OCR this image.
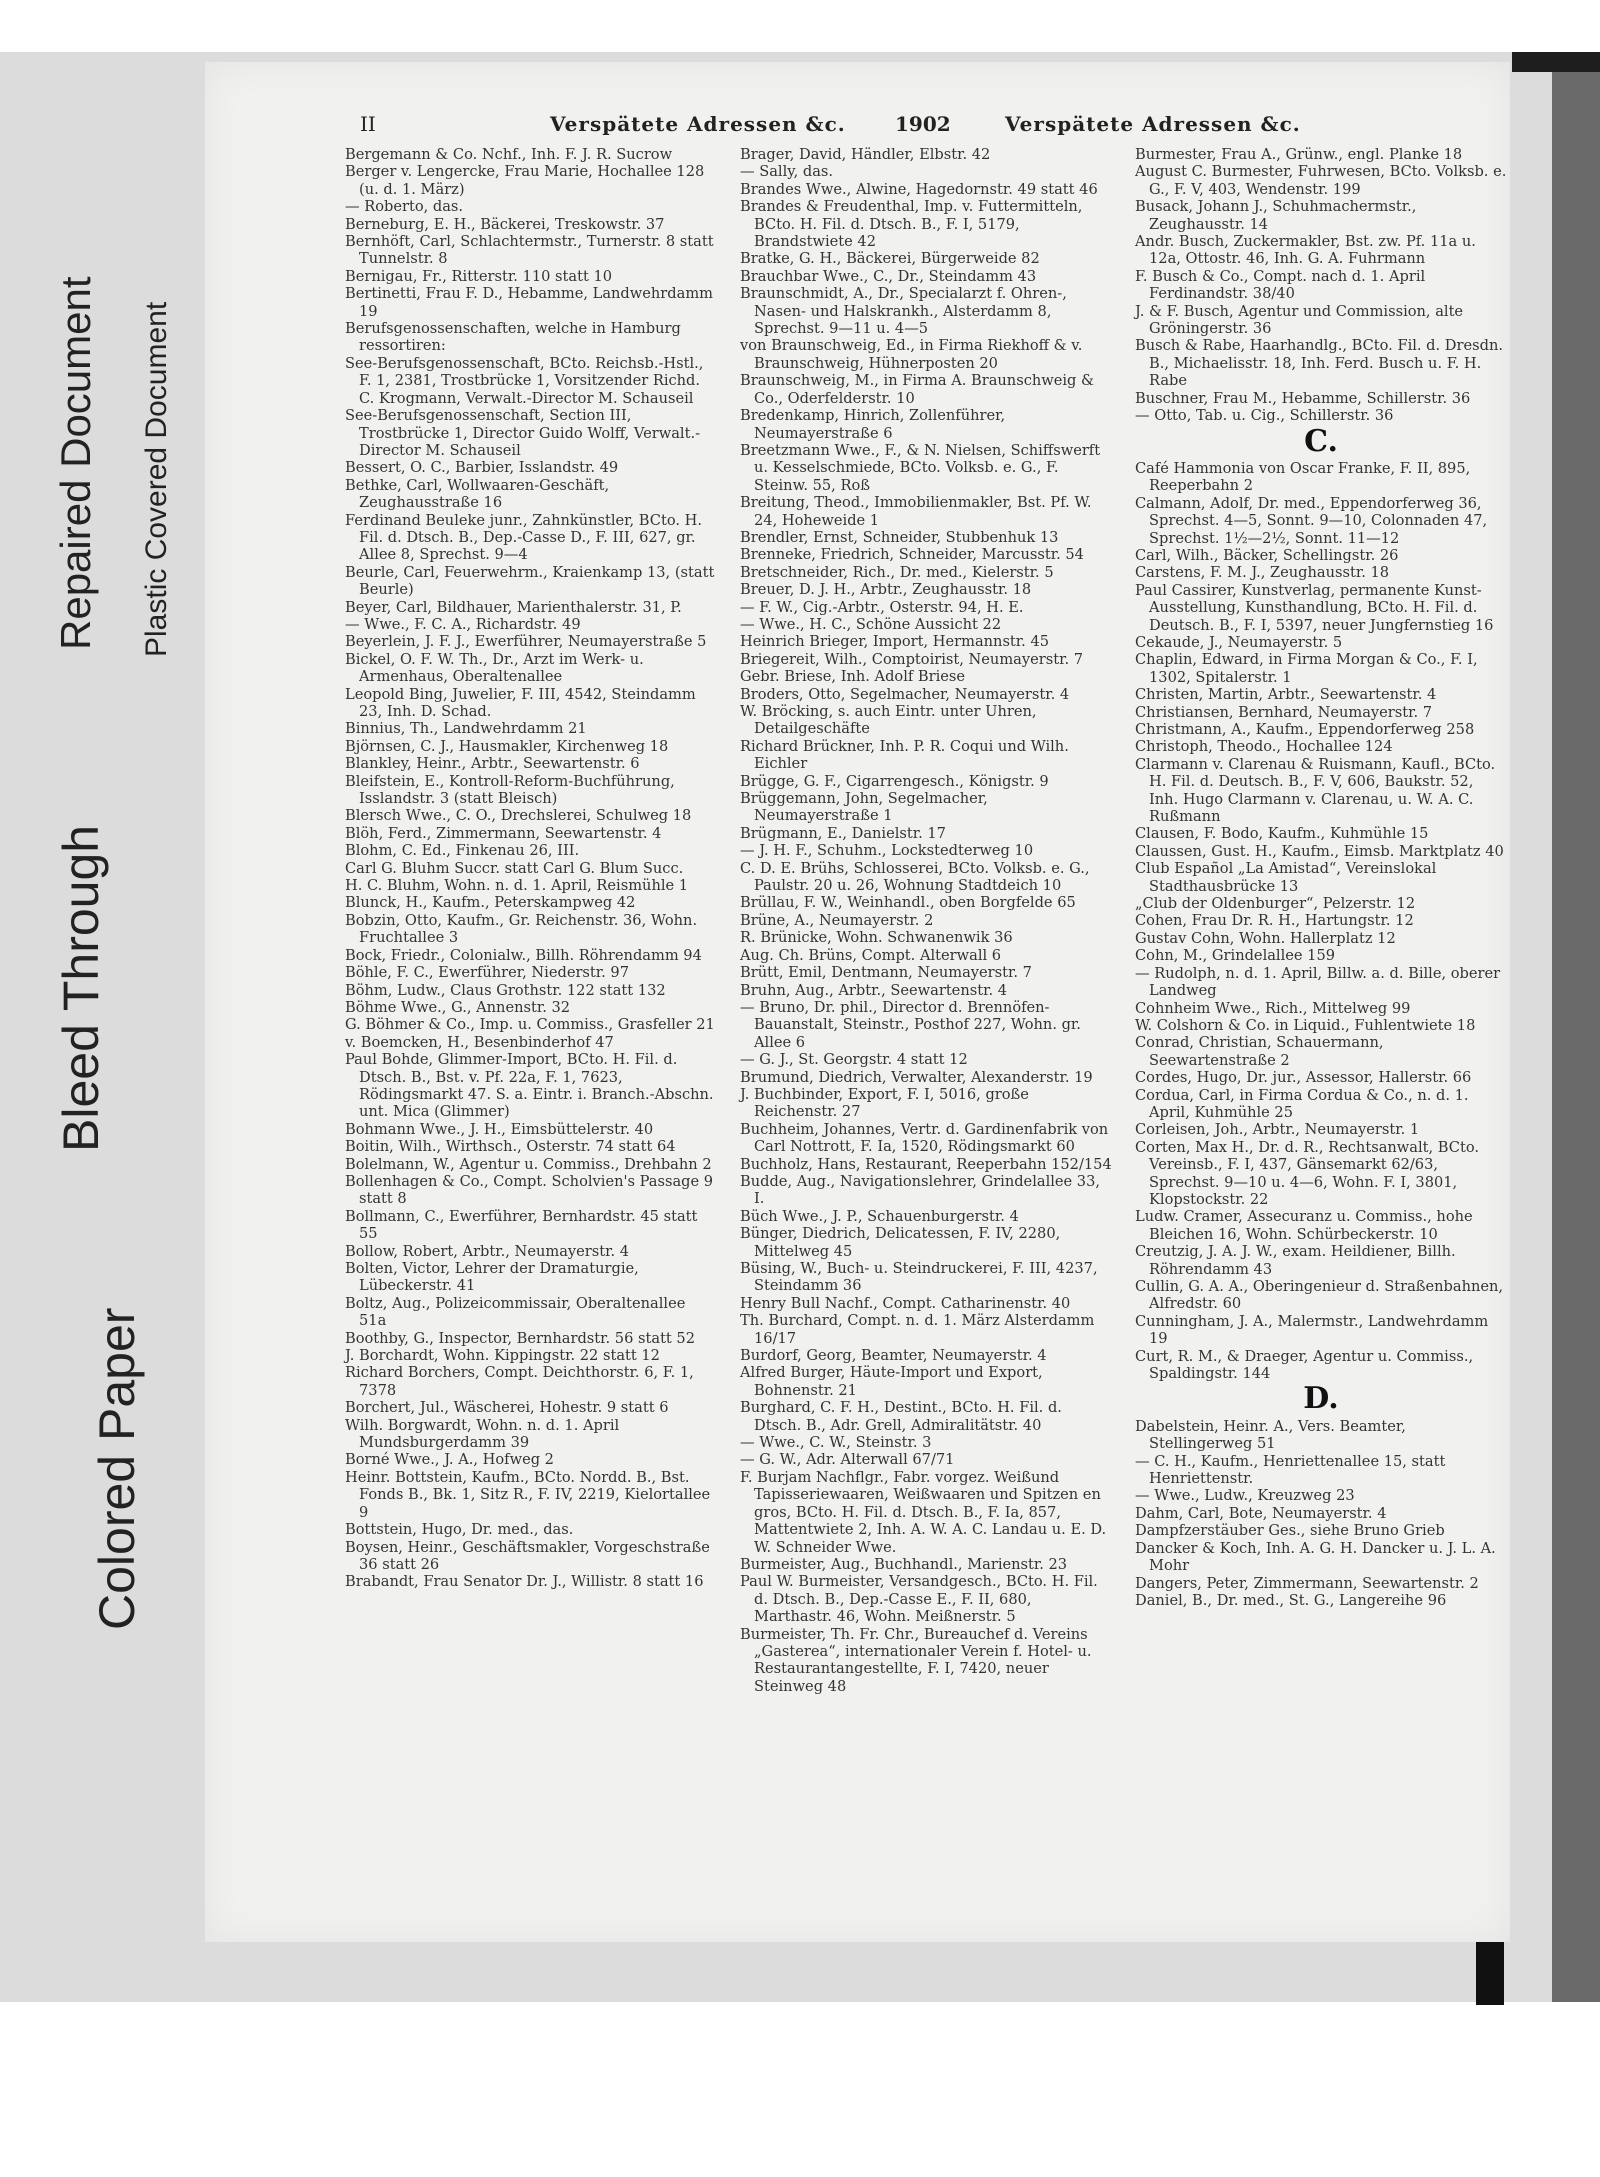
Colored Paper
Bleed Through
Repaired Document Plastic Covered Document
II	Verspätete Adressen &c. 1902	Verspätete Adressen &c.

Bergemann & Co. Nchf., Inh. F. J. R. Sucrow

Berger v. Lengercke, Frau Marie, Hochallee 128 (u. d. 1. März)

— Roberto, das.

Berneburg, E. H., Bäckerei, Treskowstr. 37

Bernhöft, Carl, Schlachtermstr., Turnerstr. 8 statt Tunnelstr. 8

Bernigau, Fr., Ritterstr. 110 statt 10

Bertinetti, Frau F. D., Hebamme, Landwehrdamm 19

Berufsgenossenschaften, welche in Hamburg ressortiren:

See-Berufsgenossenschaft, BCto. Reichsb.-Hstl., F. 1, 2381, Trostbrücke 1, Vorsitzender Richd. C. Krogmann, Verwalt.-Director M. Schauseil

See-Berufsgenossenschaft, Section III, Trostbrücke 1, Director Guido Wolff, Verwalt.-Director M. Schauseil

Bessert, O. C., Barbier, Isslandstr. 49

Bethke, Carl, Wollwaaren-Geschäft, Zeughausstraße 16

Ferdinand Beuleke junr., Zahnkünstler, BCto. H. Fil. d. Dtsch. B., Dep.-Casse D., F. III, 627, gr. Allee 8, Sprechst. 9—4

Beurle, Carl, Feuerwehrm., Kraienkamp 13, (statt Beurle)

Beyer, Carl, Bildhauer, Marienthalerstr. 31, P.

— Wwe., F. C. A., Richardstr. 49

Beyerlein, J. F. J., Ewerführer, Neumayerstraße 5

Bickel, O. F. W. Th., Dr., Arzt im Werk- u. Armenhaus, Oberaltenallee

Leopold Bing, Juwelier, F. III, 4542, Steindamm 23, Inh. D. Schad.

Binnius, Th., Landwehrdamm 21

Björnsen, C. J., Hausmakler, Kirchenweg 18

Blankley, Heinr., Arbtr., Seewartenstr. 6

Bleifstein, E., Kontroll-Reform-Buchführung, Isslandstr. 3 (statt Bleisch)

Blersch Wwe., C. O., Drechslerei, Schulweg 18

Blöh, Ferd., Zimmermann, Seewartenstr. 4

Blohm, C. Ed., Finkenau 26, III.

Carl G. Bluhm Succr. statt Carl G. Blum Succ.

H. C. Bluhm, Wohn. n. d. 1. April, Reismühle 1

Blunck, H., Kaufm., Peterskampweg 42

Bobzin, Otto, Kaufm., Gr. Reichenstr. 36, Wohn. Fruchtallee 3

Bock, Friedr., Colonialw., Billh. Röhrendamm 94

Böhle, F. C., Ewerführer, Niederstr. 97

Böhm, Ludw., Claus Grothstr. 122 statt 132

Böhme Wwe., G., Annenstr. 32

G. Böhmer & Co., Imp. u. Commiss., Grasfeller 21

v. Boemcken, H., Besenbinderhof 47

Paul Bohde, Glimmer-Import, BCto. H. Fil. d. Dtsch. B., Bst. v. Pf. 22a, F. 1, 7623, Rödingsmarkt 47. S. a. Eintr. i. Branch.-Abschn. unt. Mica (Glimmer)

Bohmann Wwe., J. H., Eimsbüttelerstr. 40

Boitin, Wilh., Wirthsch., Osterstr. 74 statt 64

Bolelmann, W., Agentur u. Commiss., Drehbahn 2

Bollenhagen & Co., Compt. Scholvien's Passage 9 statt 8

Bollmann, C., Ewerführer, Bernhardstr. 45 statt 55

Bollow, Robert, Arbtr., Neumayerstr. 4

Bolten, Victor, Lehrer der Dramaturgie, Lübeckerstr. 41

Boltz, Aug., Polizeicommissair, Oberaltenallee 51a

Boothby, G., Inspector, Bernhardstr. 56 statt 52

J. Borchardt, Wohn. Kippingstr. 22 statt 12

Richard Borchers, Compt. Deichthorstr. 6, F. 1, 7378

Borchert, Jul., Wäscherei, Hohestr. 9 statt 6

Wilh. Borgwardt, Wohn. n. d. 1. April Mundsburgerdamm 39

Borné Wwe., J. A., Hofweg 2

Heinr. Bottstein, Kaufm., BCto. Nordd. B., Bst. Fonds B., Bk. 1, Sitz R., F. IV, 2219, Kielortallee 9

Bottstein, Hugo, Dr. med., das.

Boysen, Heinr., Geschäftsmakler, Vorgeschstraße 36 statt 26

Brabandt, Frau Senator Dr. J., Willistr. 8 statt 16

Brager, David, Händler, Elbstr. 42

— Sally, das.

Brandes Wwe., Alwine, Hagedornstr. 49 statt 46

Brandes & Freudenthal, Imp. v. Futtermitteln, BCto. H. Fil. d. Dtsch. B., F. I, 5179, Brandstwiete 42

Bratke, G. H., Bäckerei, Bürgerweide 82

Brauchbar Wwe., C., Dr., Steindamm 43

Braunschmidt, A., Dr., Specialarzt f. Ohren-, Nasen- und Halskrankh., Alsterdamm 8, Sprechst. 9—11 u. 4—5

von Braunschweig, Ed., in Firma Riekhoff & v. Braunschweig, Hühnerposten 20

Braunschweig, M., in Firma A. Braunschweig & Co., Oderfelderstr. 10

Bredenkamp, Hinrich, Zollenführer, Neumayerstraße 6

Breetzmann Wwe., F., & N. Nielsen, Schiffswerft u. Kesselschmiede, BCto. Volksb. e. G., F. Steinw. 55, Roß

Breitung, Theod., Immobilienmakler, Bst. Pf. W. 24, Hoheweide 1

Brendler, Ernst, Schneider, Stubbenhuk 13

Brenneke, Friedrich, Schneider, Marcusstr. 54

Bretschneider, Rich., Dr. med., Kielerstr. 5

Breuer, D. J. H., Arbtr., Zeughausstr. 18

— F. W., Cig.-Arbtr., Osterstr. 94, H. E.

— Wwe., H. C., Schöne Aussicht 22

Heinrich Brieger, Import, Hermannstr. 45

Briegereit, Wilh., Comptoirist, Neumayerstr. 7

Gebr. Briese, Inh. Adolf Briese

Broders, Otto, Segelmacher, Neumayerstr. 4

W. Bröcking, s. auch Eintr. unter Uhren, Detailgeschäfte

Richard Brückner, Inh. P. R. Coqui und Wilh. Eichler

Brügge, G. F., Cigarrengesch., Königstr. 9

Brüggemann, John, Segelmacher, Neumayerstraße 1

Brügmann, E., Danielstr. 17

— J. H. F., Schuhm., Lockstedterweg 10

C. D. E. Brühs, Schlosserei, BCto. Volksb. e. G., Paulstr. 20 u. 26, Wohnung Stadtdeich 10

Brüllau, F. W., Weinhandl., oben Borgfelde 65

Brüne, A., Neumayerstr. 2

R. Brünicke, Wohn. Schwanenwik 36

Aug. Ch. Brüns, Compt. Alterwall 6

Brütt, Emil, Dentmann, Neumayerstr. 7

Bruhn, Aug., Arbtr., Seewartenstr. 4

— Bruno, Dr. phil., Director d. Brennöfen-Bauanstalt, Steinstr., Posthof 227, Wohn. gr. Allee 6

— G. J., St. Georgstr. 4 statt 12

Brumund, Diedrich, Verwalter, Alexanderstr. 19

J. Buchbinder, Export, F. I, 5016, große Reichenstr. 27

Buchheim, Johannes, Vertr. d. Gardinenfabrik von Carl Nottrott, F. Ia, 1520, Rödingsmarkt 60

Buchholz, Hans, Restaurant, Reeperbahn 152/154

Budde, Aug., Navigationslehrer, Grindelallee 33, I.

Büch Wwe., J. P., Schauenburgerstr. 4

Bünger, Diedrich, Delicatessen, F. IV, 2280, Mittelweg 45

Büsing, W., Buch- u. Steindruckerei, F. III, 4237, Steindamm 36

Henry Bull Nachf., Compt. Catharinenstr. 40

Th. Burchard, Compt. n. d. 1. März Alsterdamm 16/17

Burdorf, Georg, Beamter, Neumayerstr. 4

Alfred Burger, Häute-Import und Export, Bohnenstr. 21

Burghard, C. F. H., Destint., BCto. H. Fil. d. Dtsch. B., Adr. Grell, Admiralitätstr. 40

— Wwe., C. W., Steinstr. 3

— G. W., Adr. Alterwall 67/71

F. Burjam Nachflgr., Fabr. vorgez. Weißund Tapisseriewaaren, Weißwaaren und Spitzen en gros, BCto. H. Fil. d. Dtsch. B., F. Ia, 857, Mattentwiete 2, Inh. A. W. A. C. Landau u. E. D. W. Schneider Wwe.

Burmeister, Aug., Buchhandl., Marienstr. 23

Paul W. Burmeister, Versandgesch., BCto. H. Fil. d. Dtsch. B., Dep.-Casse E., F. II, 680, Marthastr. 46, Wohn. Meißnerstr. 5

Burmeister, Th. Fr. Chr., Bureauchef d. Vereins „Gasterea“, internationaler Verein f. Hotel- u. Restaurantangestellte, F. I, 7420, neuer Steinweg 48

Burmester, Frau A., Grünw., engl. Planke 18

August C. Burmester, Fuhrwesen, BCto. Volksb. e. G., F. V, 403, Wendenstr. 199

Busack, Johann J., Schuhmachermstr., Zeughausstr. 14

Andr. Busch, Zuckermakler, Bst. zw. Pf. 11a u. 12a, Ottostr. 46, Inh. G. A. Fuhrmann

F. Busch & Co., Compt. nach d. 1. April Ferdinandstr. 38/40

J. & F. Busch, Agentur und Commission, alte Gröningerstr. 36

Busch & Rabe, Haarhandlg., BCto. Fil. d. Dresdn. B., Michaelisstr. 18, Inh. Ferd. Busch u. F. H. Rabe

Buschner, Frau M., Hebamme, Schillerstr. 36

— Otto, Tab. u. Cig., Schillerstr. 36

C.

Café Hammonia von Oscar Franke, F. II, 895, Reeperbahn 2

Calmann, Adolf, Dr. med., Eppendorferweg 36, Sprechst. 4—5, Sonnt. 9—10, Colonnaden 47, Sprechst. 1½—2½, Sonnt. 11—12

Carl, Wilh., Bäcker, Schellingstr. 26

Carstens, F. M. J., Zeughausstr. 18

Paul Cassirer, Kunstverlag, permanente Kunst-Ausstellung, Kunsthandlung, BCto. H. Fil. d. Deutsch. B., F. I, 5397, neuer Jungfernstieg 16

Cekaude, J., Neumayerstr. 5

Chaplin, Edward, in Firma Morgan & Co., F. I, 1302, Spitalerstr. 1

Christen, Martin, Arbtr., Seewartenstr. 4

Christiansen, Bernhard, Neumayerstr. 7

Christmann, A., Kaufm., Eppendorferweg 258

Christoph, Theodo., Hochallee 124

Clarmann v. Clarenau & Ruismann, Kaufl., BCto. H. Fil. d. Deutsch. B., F. V, 606, Baukstr. 52, Inh. Hugo Clarmann v. Clarenau, u. W. A. C. Rußmann

Clausen, F. Bodo, Kaufm., Kuhmühle 15

Claussen, Gust. H., Kaufm., Eimsb. Marktplatz 40

Club Español „La Amistad“, Vereinslokal Stadthausbrücke 13

„Club der Oldenburger“, Pelzerstr. 12

Cohen, Frau Dr. R. H., Hartungstr. 12

Gustav Cohn, Wohn. Hallerplatz 12

Cohn, M., Grindelallee 159

— Rudolph, n. d. 1. April, Billw. a. d. Bille, oberer Landweg

Cohnheim Wwe., Rich., Mittelweg 99

W. Colshorn & Co. in Liquid., Fuhlentwiete 18

Conrad, Christian, Schauermann, Seewartenstraße 2

Cordes, Hugo, Dr. jur., Assessor, Hallerstr. 66

Cordua, Carl, in Firma Cordua & Co., n. d. 1. April, Kuhmühle 25

Corleisen, Joh., Arbtr., Neumayerstr. 1

Corten, Max H., Dr. d. R., Rechtsanwalt, BCto. Vereinsb., F. I, 437, Gänsemarkt 62/63, Sprechst. 9—10 u. 4—6, Wohn. F. I, 3801, Klopstockstr. 22

Ludw. Cramer, Assecuranz u. Commiss., hohe Bleichen 16, Wohn. Schürbeckerstr. 10

Creutzig, J. A. J. W., exam. Heildiener, Billh. Röhrendamm 43

Cullin, G. A. A., Oberingenieur d. Straßenbahnen, Alfredstr. 60

Cunningham, J. A., Malermstr., Landwehrdamm 19

Curt, R. M., & Draeger, Agentur u. Commiss., Spaldingstr. 144

D.

Dabelstein, Heinr. A., Vers. Beamter, Stellingerweg 51

— C. H., Kaufm., Henriettenallee 15, statt Henriettenstr.

— Wwe., Ludw., Kreuzweg 23

Dahm, Carl, Bote, Neumayerstr. 4

Dampfzerstäuber Ges., siehe Bruno Grieb

Dancker & Koch, Inh. A. G. H. Dancker u. J. L. A. Mohr

Dangers, Peter, Zimmermann, Seewartenstr. 2

Daniel, B., Dr. med., St. G., Langereihe 96
